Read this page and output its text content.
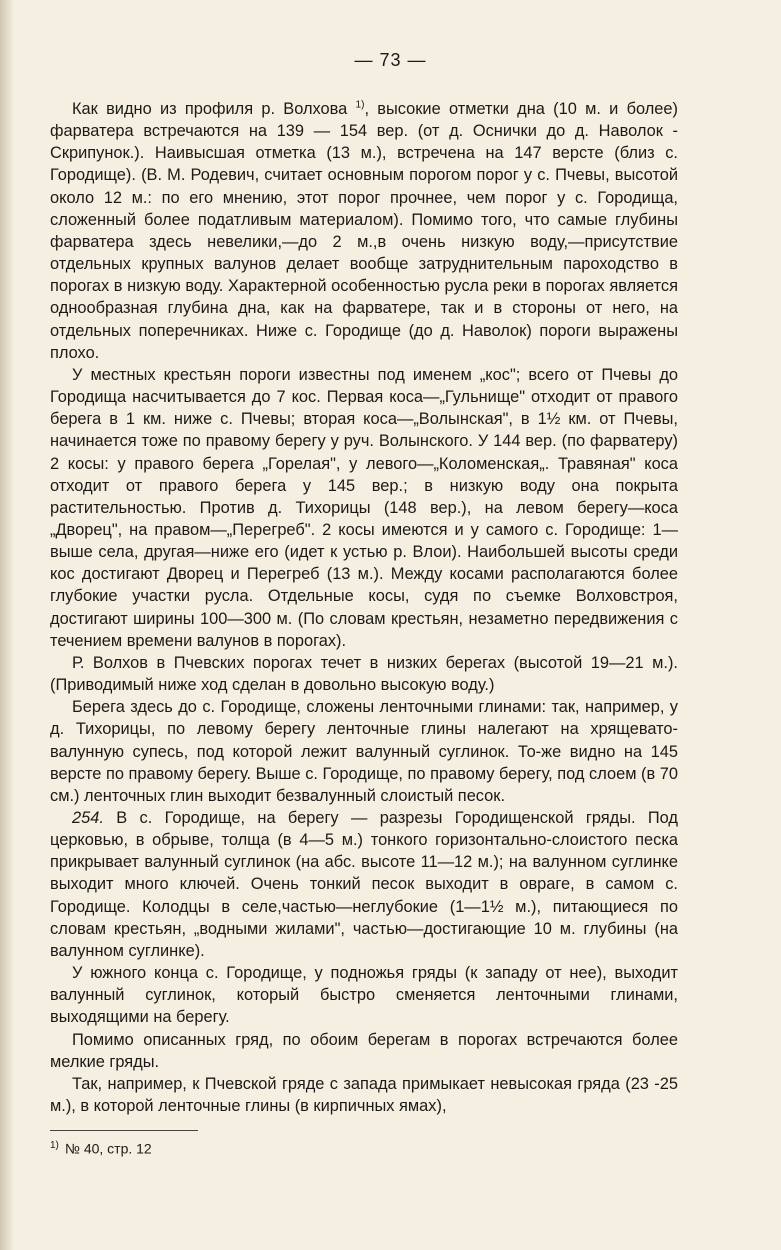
— 73 —

Как видно из профиля р. Волхова $^{1)}$, высокие отметки дна (10 м. и более) фарватера встречаются на 139 — 154 вер. (от д. Оснички до д. Наволок - Скрипунок.). Наивысшая отметка (13 м.), встречена на 147 версте (близ с. Городище). (В. М. Родевич, считает основным порогом порог у с. Пчевы, высотой около 12 м.: по его мнению, этот порог прочнее, чем порог у с. Городища, сложенный более податливым материалом). Помимо того, что самые глубины фарватера здесь невелики,—до 2 м.,в очень низкую воду,—присутствие отдельных крупных валунов делает вообще затруднительным пароходство в порогах в низкую воду. Характерной особенностью русла реки в порогах является однообразная глубина дна, как на фарватере, так и в стороны от него, на отдельных поперечниках. Ниже с. Городище (до д. Наволок) пороги выражены плохо.

У местных крестьян пороги известны под именем „кос"; всего от Пчевы до Городища насчитывается до 7 кос. Первая коса—„Гульнище" отходит от правого берега в 1 км. ниже с. Пчевы; вторая коса—„Волынская", в 1½ км. от Пчевы, начинается тоже по правому берегу у руч. Волынского. У 144 вер. (по фарватеру) 2 косы: у правого берега „Горелая", у левого—„Коломенская„. Травяная" коса отходит от правого берега у 145 вер.; в низкую воду она покрыта растительностью. Против д. Тихорицы (148 вер.), на левом берегу—коса „Дворец", на правом—„Перегреб". 2 косы имеются и у самого с. Городище: 1—выше села, другая—ниже его (идет к устью р. Влои). Наибольшей высоты среди кос достигают Дворец и Перегреб (13 м.). Между косами располагаются более глубокие участки русла. Отдельные косы, судя по съемке Волховстроя, достигают ширины 100—300 м. (По словам крестьян, незаметно передвижения с течением времени валунов в порогах).

Р. Волхов в Пчевских порогах течет в низких берегах (высотой 19—21 м.). (Приводимый ниже ход сделан в довольно высокую воду.)

Берега здесь до с. Городище, сложены ленточными глинами: так, например, у д. Тихорицы, по левому берегу ленточные глины налегают на хрящевато-валунную супесь, под которой лежит валунный суглинок. То-же видно на 145 версте по правому берегу. Выше с. Городище, по правому берегу, под слоем (в 70 см.) ленточных глин выходит безвалунный слоистый песок.

254. В с. Городище, на берегу — разрезы Городищенской гряды. Под церковью, в обрыве, толща (в 4—5 м.) тонкого горизонтально-слоистого песка прикрывает валунный суглинок (на абс. высоте 11—12 м.); на валунном суглинке выходит много ключей. Очень тонкий песок выходит в овраге, в самом с. Городище. Колодцы в селе,частью—неглубокие (1—1½ м.), питающиеся по словам крестьян, „водными жилами", частью—достигающие 10 м. глубины (на валунном суглинке).

У южного конца с. Городище, у подножья гряды (к западу от нее), выходит валунный суглинок, который быстро сменяется ленточными глинами, выходящими на берегу.

Помимо описанных гряд, по обоим берегам в порогах встречаются более мелкие гряды.

Так, например, к Пчевской гряде с запада примыкает невысокая гряда (23 -25 м.), в которой ленточные глины (в кирпичных ямах),

$^{1)}$ № 40, стр. 12
